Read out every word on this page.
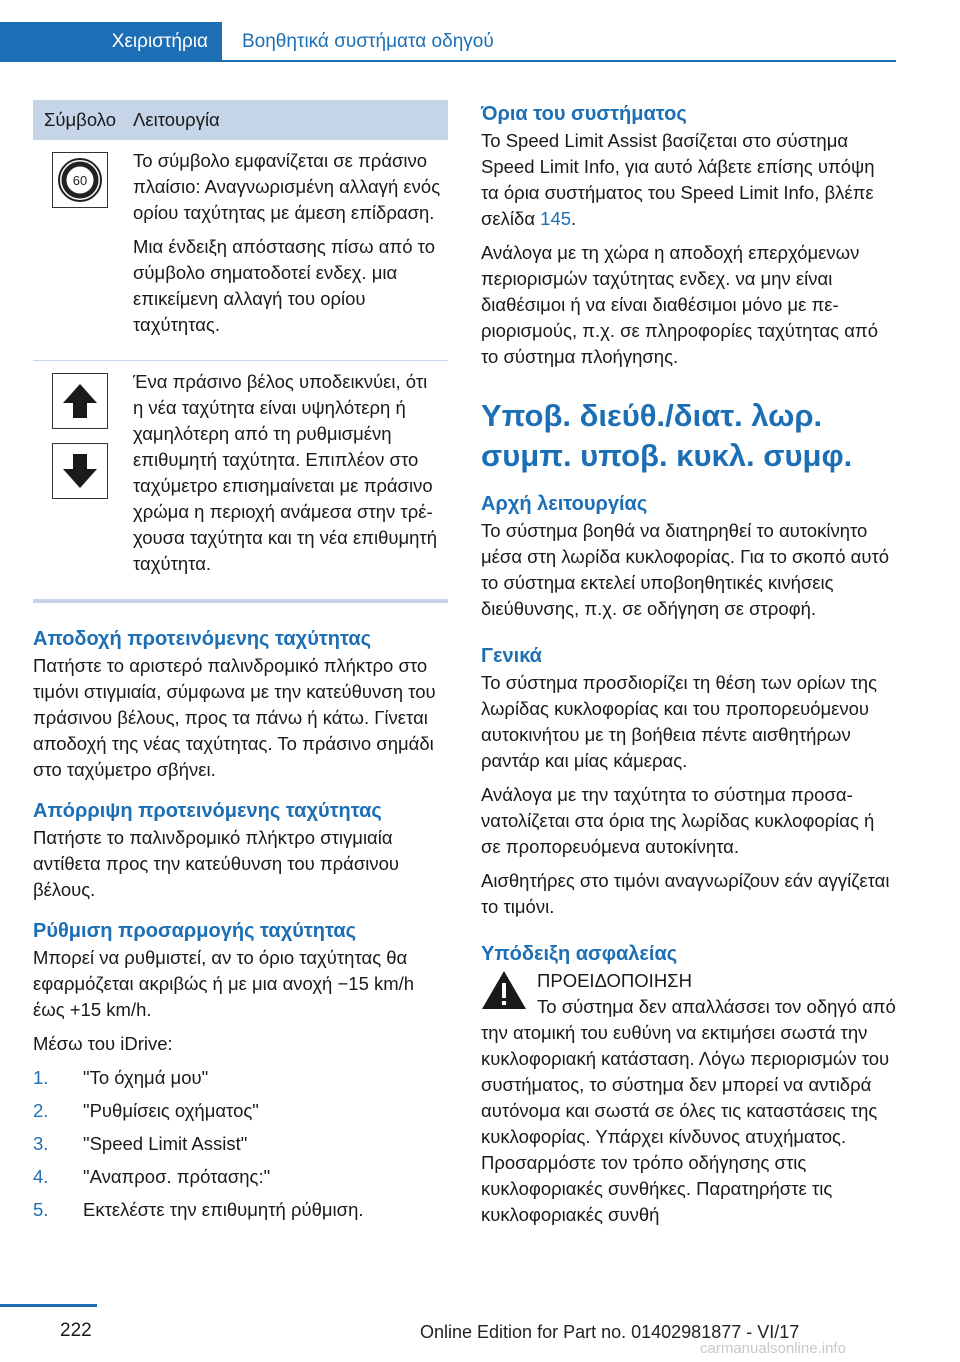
Χειριστήρια	Βοηθητικά συστήματα οδηγού
Σύμβολο	Λειτουργία

60	Το σύμβολο εμφανίζεται σε πράσινο πλαίσιο: Αναγνωρισμένη αλλαγή ενός ορίου ταχύτητας με άμεση επίδραση.

Μια ένδειξη απόστασης πίσω από το σύμβολο σηματοδοτεί ενδεχ. μια επικείμενη αλλαγή του ορίου ταχύτητας.

Ένα πράσινο βέλος υποδεικνύει, ότι η νέα ταχύτητα είναι υψηλότερη ή χαμηλότερη από τη ρυθμισμένη επιθυμητή ταχύτητα. Επιπλέον στο ταχύμετρο επισημαίνεται με πράσινο χρώμα η περιοχή ανάμεσα στην τρέχουσα ταχύτητα και τη νέα επιθυμητή ταχύτητα.

Αποδοχή προτεινόμενης ταχύτητας

Πατήστε το αριστερό παλινδρομικό πλήκτρο στο τιμόνι στιγμιαία, σύμφωνα με την κατεύθυνση του πράσινου βέλους, προς τα πάνω ή κάτω. Γίνεται αποδοχή της νέας ταχύτητας. Το πράσινο σημάδι στο ταχύμετρο σβήνει.

Απόρριψη προτεινόμενης ταχύτητας

Πατήστε το παλινδρομικό πλήκτρο στιγμιαία αντίθετα προς την κατεύθυνση του πράσινου βέλους.

Ρύθμιση προσαρμογής ταχύτητας

Μπορεί να ρυθμιστεί, αν το όριο ταχύτητας θα εφαρμόζεται ακριβώς ή με μια ανοχή −15 km/h έως +15 km/h.

Μέσω του iDrive:

1. "Το όχημά μου"
2. "Ρυθμίσεις οχήματος"
3. "Speed Limit Assist"
4. "Αναπροσ. πρότασης:"
5. Εκτελέστε την επιθυμητή ρύθμιση.
Όρια του συστήματος

Το Speed Limit Assist βασίζεται στο σύστημα Speed Limit Info, για αυτό λάβετε επίσης υπόψη τα όρια συστήματος του Speed Limit Info, βλέπε σελίδα 145.

Ανάλογα με τη χώρα η αποδοχή επερχόμενων περιορισμών ταχύτητας ενδεχ. να μην είναι διαθέσιμοι ή να είναι διαθέσιμοι μόνο με περιορισμούς, π.χ. σε πληροφορίες ταχύτητας από το σύστημα πλοήγησης.

Υποβ. διεύθ./διατ. λωρ. συμπ. υποβ. κυκλ. συμφ.
Αρχή λειτουργίας

Το σύστημα βοηθά να διατηρηθεί το αυτοκίνητο μέσα στη λωρίδα κυκλοφορίας. Για το σκοπό αυτό το σύστημα εκτελεί υποβοηθητικές κινήσεις διεύθυνσης, π.χ. σε οδήγηση σε στροφή.

Γενικά

Το σύστημα προσδιορίζει τη θέση των ορίων της λωρίδας κυκλοφορίας και του προπορευόμενου αυτοκινήτου με τη βοήθεια πέντε αισθητήρων ραντάρ και μίας κάμερας.

Ανάλογα με την ταχύτητα το σύστημα προσανατολίζεται στα όρια της λωρίδας κυκλοφορίας ή σε προπορευόμενα αυτοκίνητα.

Αισθητήρες στο τιμόνι αναγνωρίζουν εάν αγγίζεται το τιμόνι.

Υπόδειξη ασφαλείας

ΠΡΟΕΙΔΟΠΟΙΗΣΗ

Το σύστημα δεν απαλλάσσει τον οδηγό από την ατομική του ευθύνη να εκτιμήσει σωστά την κυκλοφοριακή κατάσταση. Λόγω περιορισμών του συστήματος, το σύστημα δεν μπορεί να αντιδρά αυτόνομα και σωστά σε όλες τις καταστάσεις της κυκλοφορίας. Υπάρχει κίνδυνος ατυχήματος. Προσαρμόστε τον τρόπο οδήγησης στις κυκλοφοριακές συνθήκες. Παρατηρήστε τις κυκλοφοριακές συνθή

222	Online Edition for Part no. 01402981877 - VI/17
carmanualsonline.info
